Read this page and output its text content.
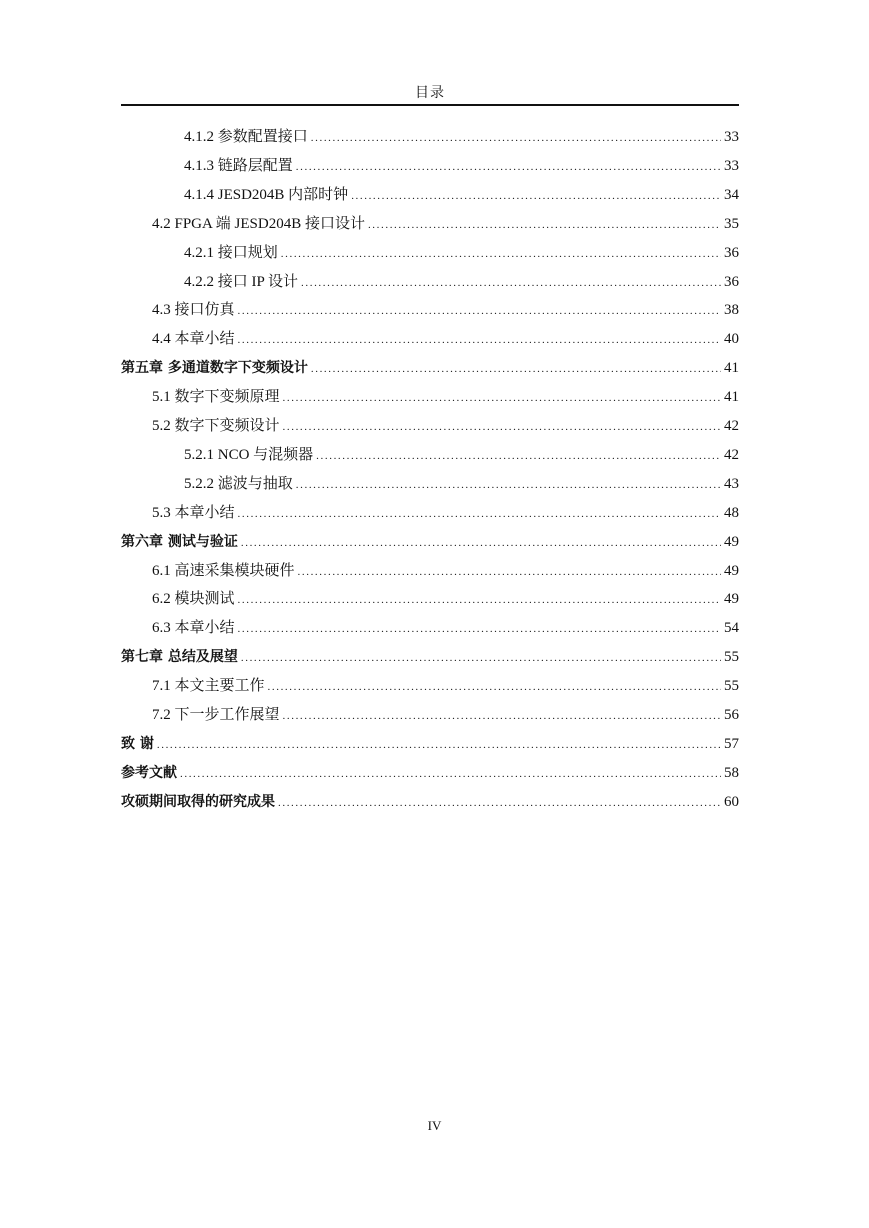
目录
4.1.2 参数配置接口 .....	33
4.1.3 链路层配置 .....	33
4.1.4 JESD204B 内部时钟 .....	34
4.2 FPGA 端 JESD204B 接口设计 .....	35
4.2.1 接口规划 .....	36
4.2.2 接口 IP 设计 .....	36
4.3 接口仿真 .....	38
4.4 本章小结 .....	40
第五章 多通道数字下变频设计 .....	41
5.1 数字下变频原理 .....	41
5.2 数字下变频设计 .....	42
5.2.1 NCO 与混频器 .....	42
5.2.2 滤波与抽取 .....	43
5.3 本章小结 .....	48
第六章 测试与验证 .....	49
6.1 高速采集模块硬件 .....	49
6.2 模块测试 .....	49
6.3 本章小结 .....	54
第七章 总结及展望 .....	55
7.1 本文主要工作 .....	55
7.2 下一步工作展望 .....	56
致 谢 .....	57
参考文献 .....	58
攻硕期间取得的研究成果 .....	60
IV
